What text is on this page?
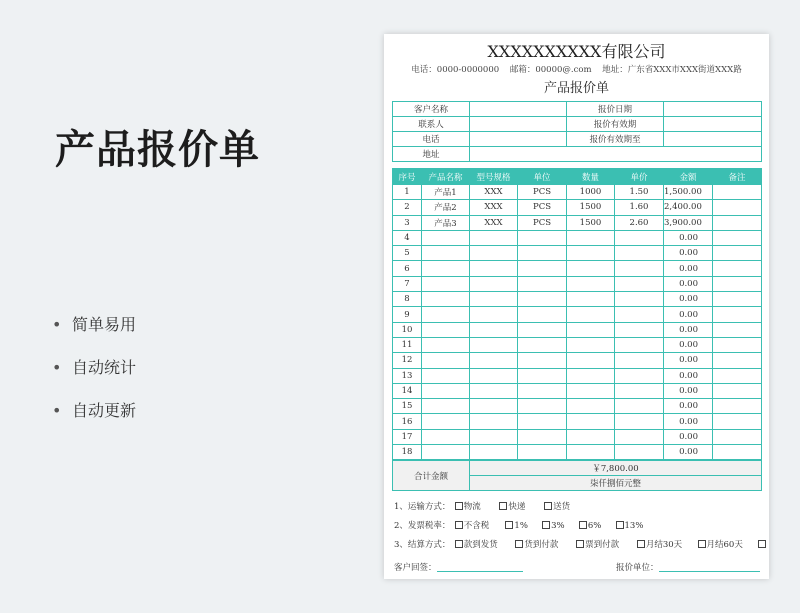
产品报价单
• 简单易用
• 自动统计
• 自动更新
XXXXXXXXXX有限公司
电话：0000-0000000 邮箱：00000@.com 地址：广东省XXX市XXX街道XXX路
产品报价单
客户名称		报价日期	
联系人		报价有效期	
电话		报价有效期至	
地址			
序号	产品名称	型号规格	单位	数量	单价	金额	备注
1	产品1	XXX	PCS	1000	1.50	1,500.00	
2	产品2	XXX	PCS	1500	1.60	2,400.00	
3	产品3	XXX	PCS	1500	2.60	3,900.00	
4						0.00	
5						0.00	
6						0.00	
7						0.00	
8						0.00	
9						0.00	
10						0.00	
11						0.00	
12						0.00	
13						0.00	
14						0.00	
15						0.00	
16						0.00	
17						0.00	
18						0.00	
合计金额	￥7,800.00
柒仟捌佰元整
1、运输方式： 物流	快递	送货
2、发票税率： 不含税	1%	3%	6%	13%
3、结算方式： 款到发货	货到付款	票到付款	月结30天	月结60天
客户回签：	报价单位：
